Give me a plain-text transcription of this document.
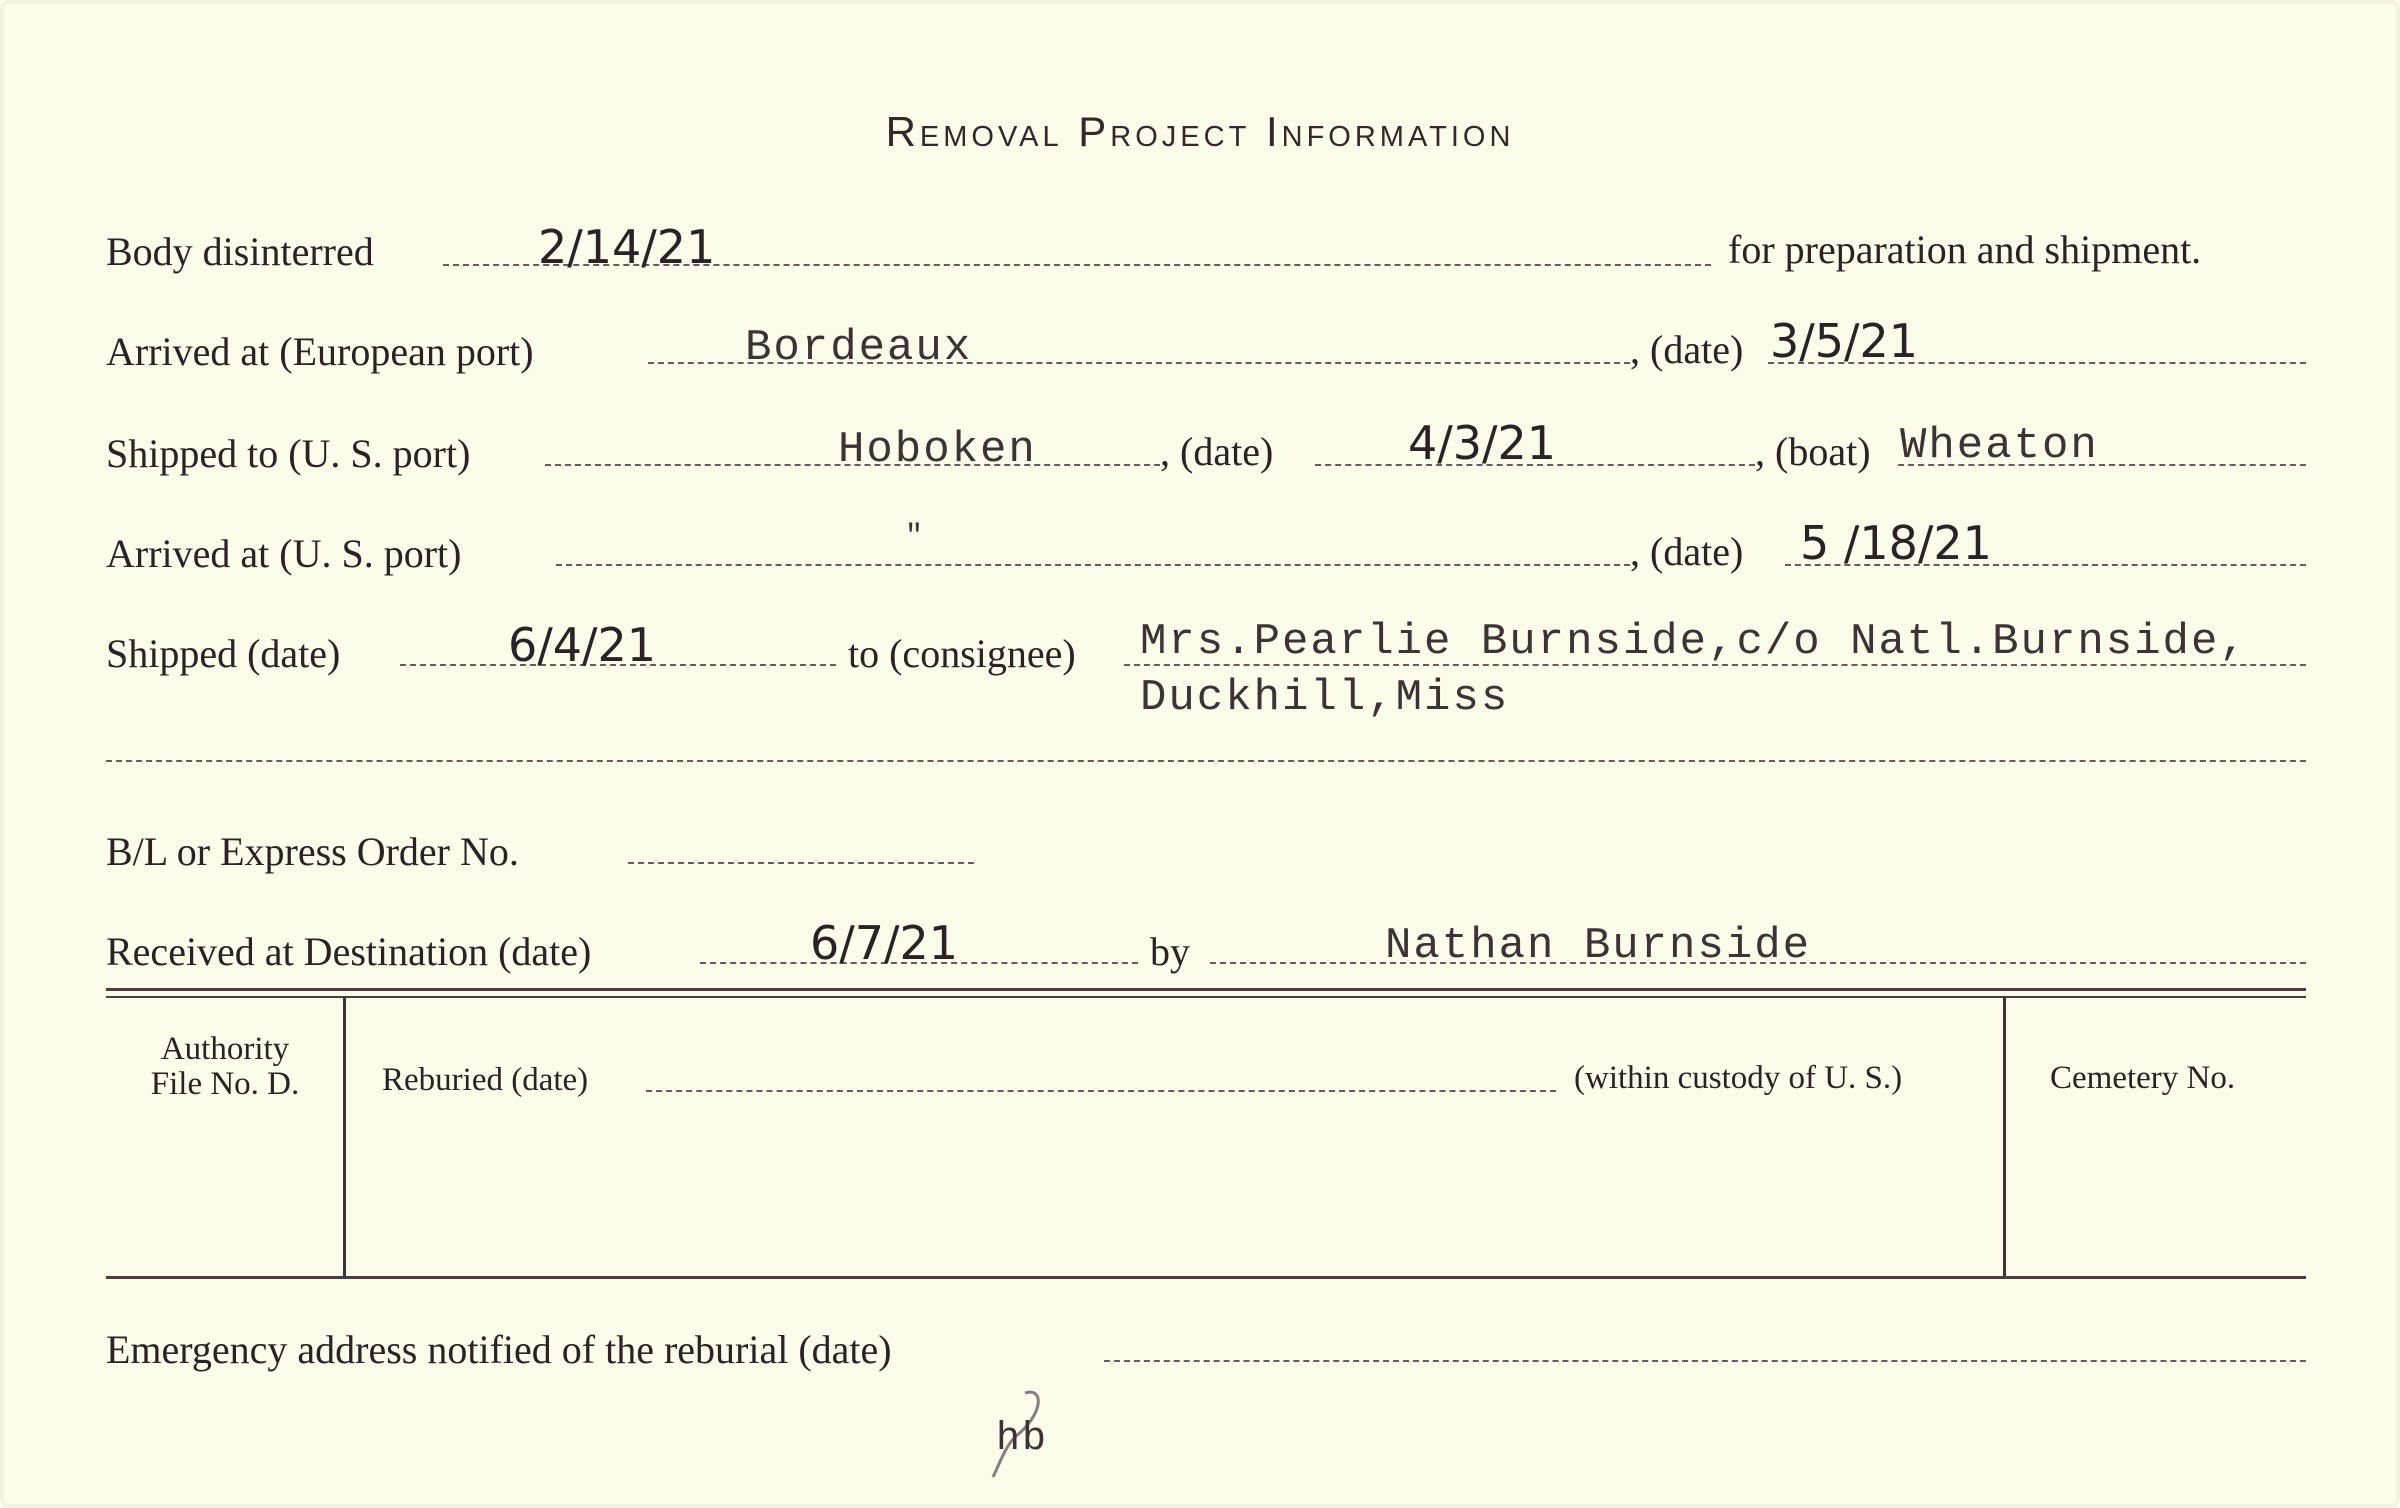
Removal Project Information
Body disinterred	2/14/21	for preparation and shipment.
Arrived at (European port)	Bordeaux	, (date) 3/5/21
Shipped to (U. S. port)	Hoboken	, (date)	4/3/21	, (boat) Wheaton
Arrived at (U. S. port)	"	, (date) 5 /18/21
Shipped (date)	6/4/21	to (consignee) Mrs.Pearlie Burnside,c/o Natl.Burnside,
Duckhill,Miss
B/L or Express Order No.
Received at Destination (date)	6/7/21	by	Nathan Burnside
Authority
File No. D.	Reburied (date)	(within custody of U. S.)	Cemetery No.
Emergency address notified of the reburial (date)
hb
